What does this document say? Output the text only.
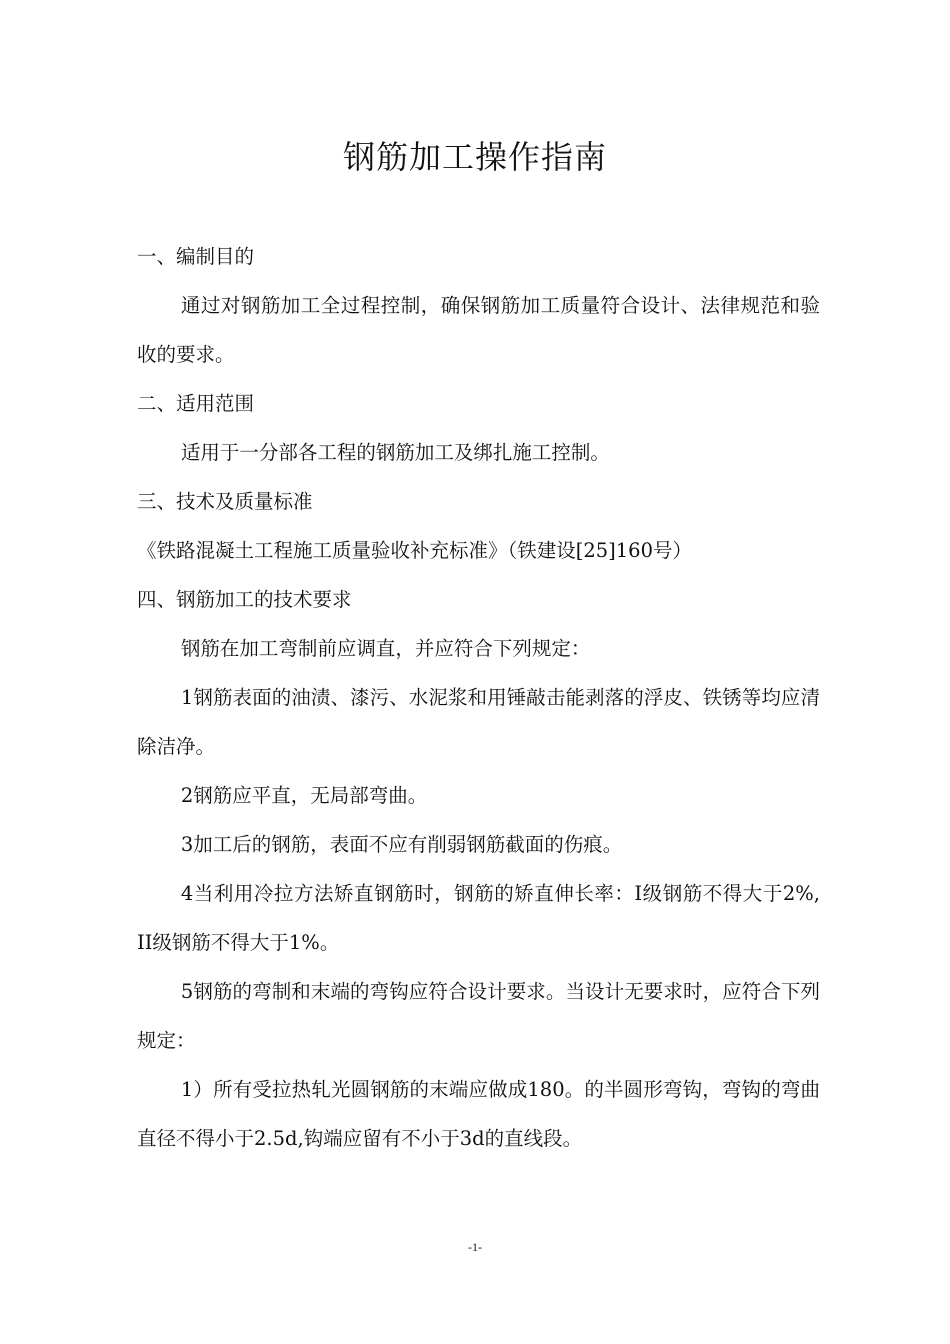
钢筋加工操作指南

一、编制目的

通过对钢筋加工全过程控制，确保钢筋加工质量符合设计、法律规范和验收的要求。

二、适用范围

适用于一分部各工程的钢筋加工及绑扎施工控制。

三、技术及质量标准

《铁路混凝土工程施工质量验收补充标准》（铁建设[25]160号）

四、钢筋加工的技术要求

钢筋在加工弯制前应调直，并应符合下列规定：

1钢筋表面的油渍、漆污、水泥浆和用锤敲击能剥落的浮皮、铁锈等均应清除洁净。

2钢筋应平直，无局部弯曲。

3加工后的钢筋，表面不应有削弱钢筋截面的伤痕。

4当利用冷拉方法矫直钢筋时，钢筋的矫直伸长率：I级钢筋不得大于2%, II级钢筋不得大于1%。

5钢筋的弯制和末端的弯钩应符合设计要求。当设计无要求时，应符合下列规定：

1）所有受拉热轧光圆钢筋的末端应做成180。的半圆形弯钩，弯钩的弯曲直径不得小于2.5d,钩端应留有不小于3d的直线段。

-1-
